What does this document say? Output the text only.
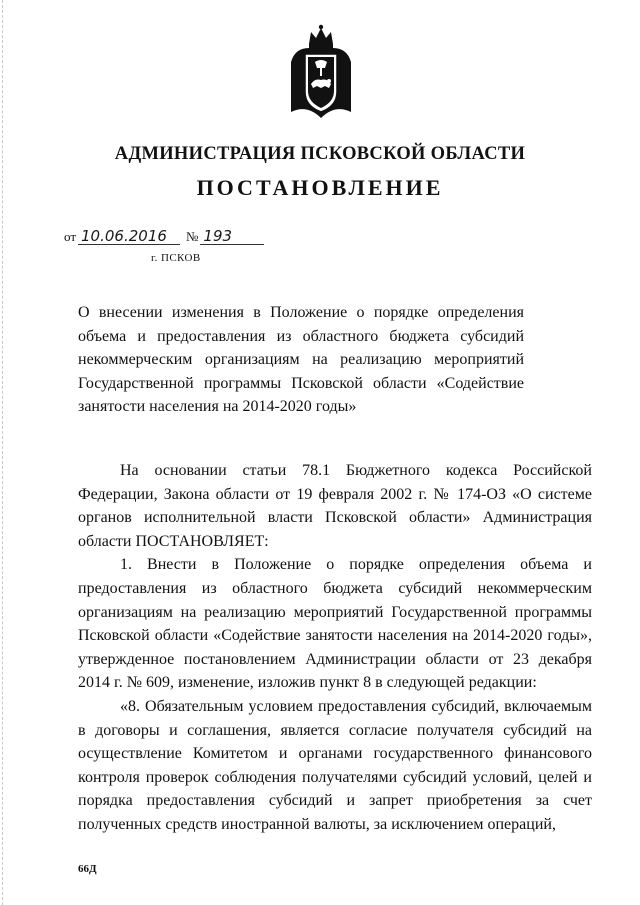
АДМИНИСТРАЦИЯ ПСКОВСКОЙ ОБЛАСТИ
ПОСТАНОВЛЕНИЕ
от 10.06.2016	№ 193
г. ПСКОВ

О внесении изменения в Положение о порядке определения объема и предоставления из областного бюджета субсидий некоммерческим организациям на реализацию мероприятий Государственной программы Псковской области «Содействие занятости населения на 2014-2020 годы»

На основании статьи 78.1 Бюджетного кодекса Российской Федерации, Закона области от 19 февраля 2002 г. № 174-ОЗ «О системе органов исполнительной власти Псковской области» Администрация области ПОСТАНОВЛЯЕТ:

1. Внести в Положение о порядке определения объема и предоставления из областного бюджета субсидий некоммерческим организациям на реализацию мероприятий Государственной программы Псковской области «Содействие занятости населения на 2014-2020 годы», утвержденное постановлением Администрации области от 23 декабря 2014 г. № 609, изменение, изложив пункт 8 в следующей редакции:

«8. Обязательным условием предоставления субсидий, включаемым в договоры и соглашения, является согласие получателя субсидий на осуществление Комитетом и органами государственного финансового контроля проверок соблюдения получателями субсидий условий, целей и порядка предоставления субсидий и запрет приобретения за счет полученных средств иностранной валюты, за исключением операций,

66Д
